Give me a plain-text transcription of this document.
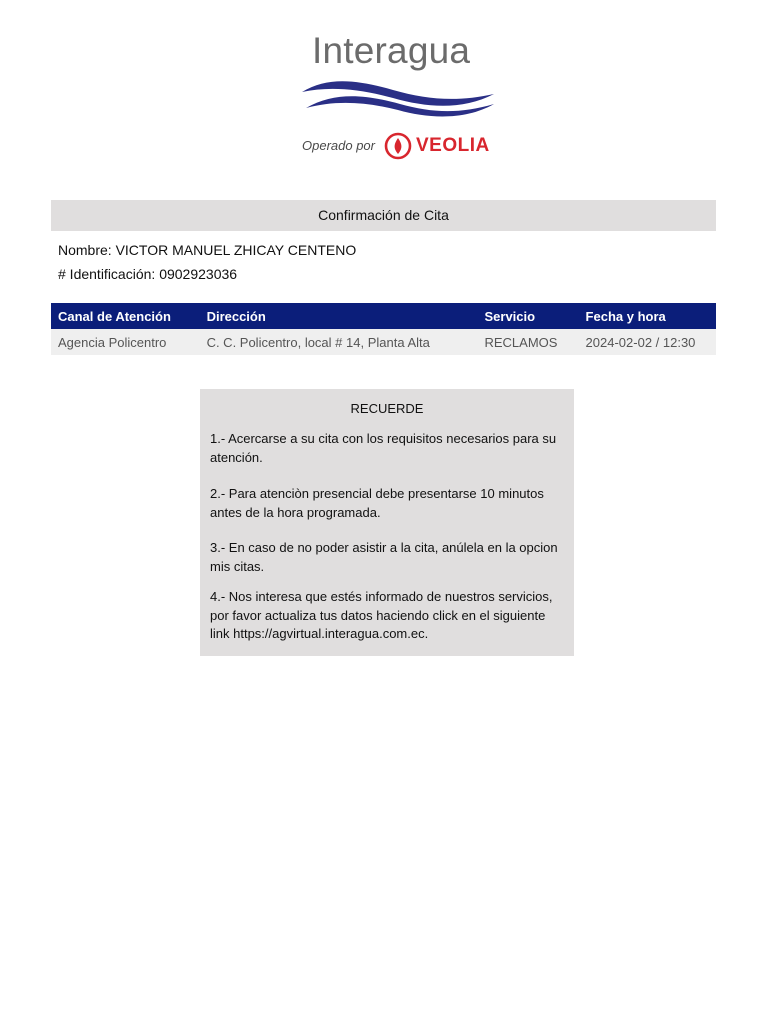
Interagua
Operado por VEOLIA
Confirmación de Cita
Nombre: VICTOR MANUEL ZHICAY CENTENO
# Identificación: 0902923036
Canal de Atención	Dirección	Servicio	Fecha y hora
Agencia Policentro	C. C. Policentro, local # 14, Planta Alta	RECLAMOS	2024-02-02 / 12:30
RECUERDE
1.- Acercarse a su cita con los requisitos necesarios para su atención.
2.- Para atenciòn presencial debe presentarse 10 minutos antes de la hora programada.
3.- En caso de no poder asistir a la cita, anúlela en la opcion mis citas.
4.- Nos interesa que estés informado de nuestros servicios, por favor actualiza tus datos haciendo click en el siguiente link https://agvirtual.interagua.com.ec.
